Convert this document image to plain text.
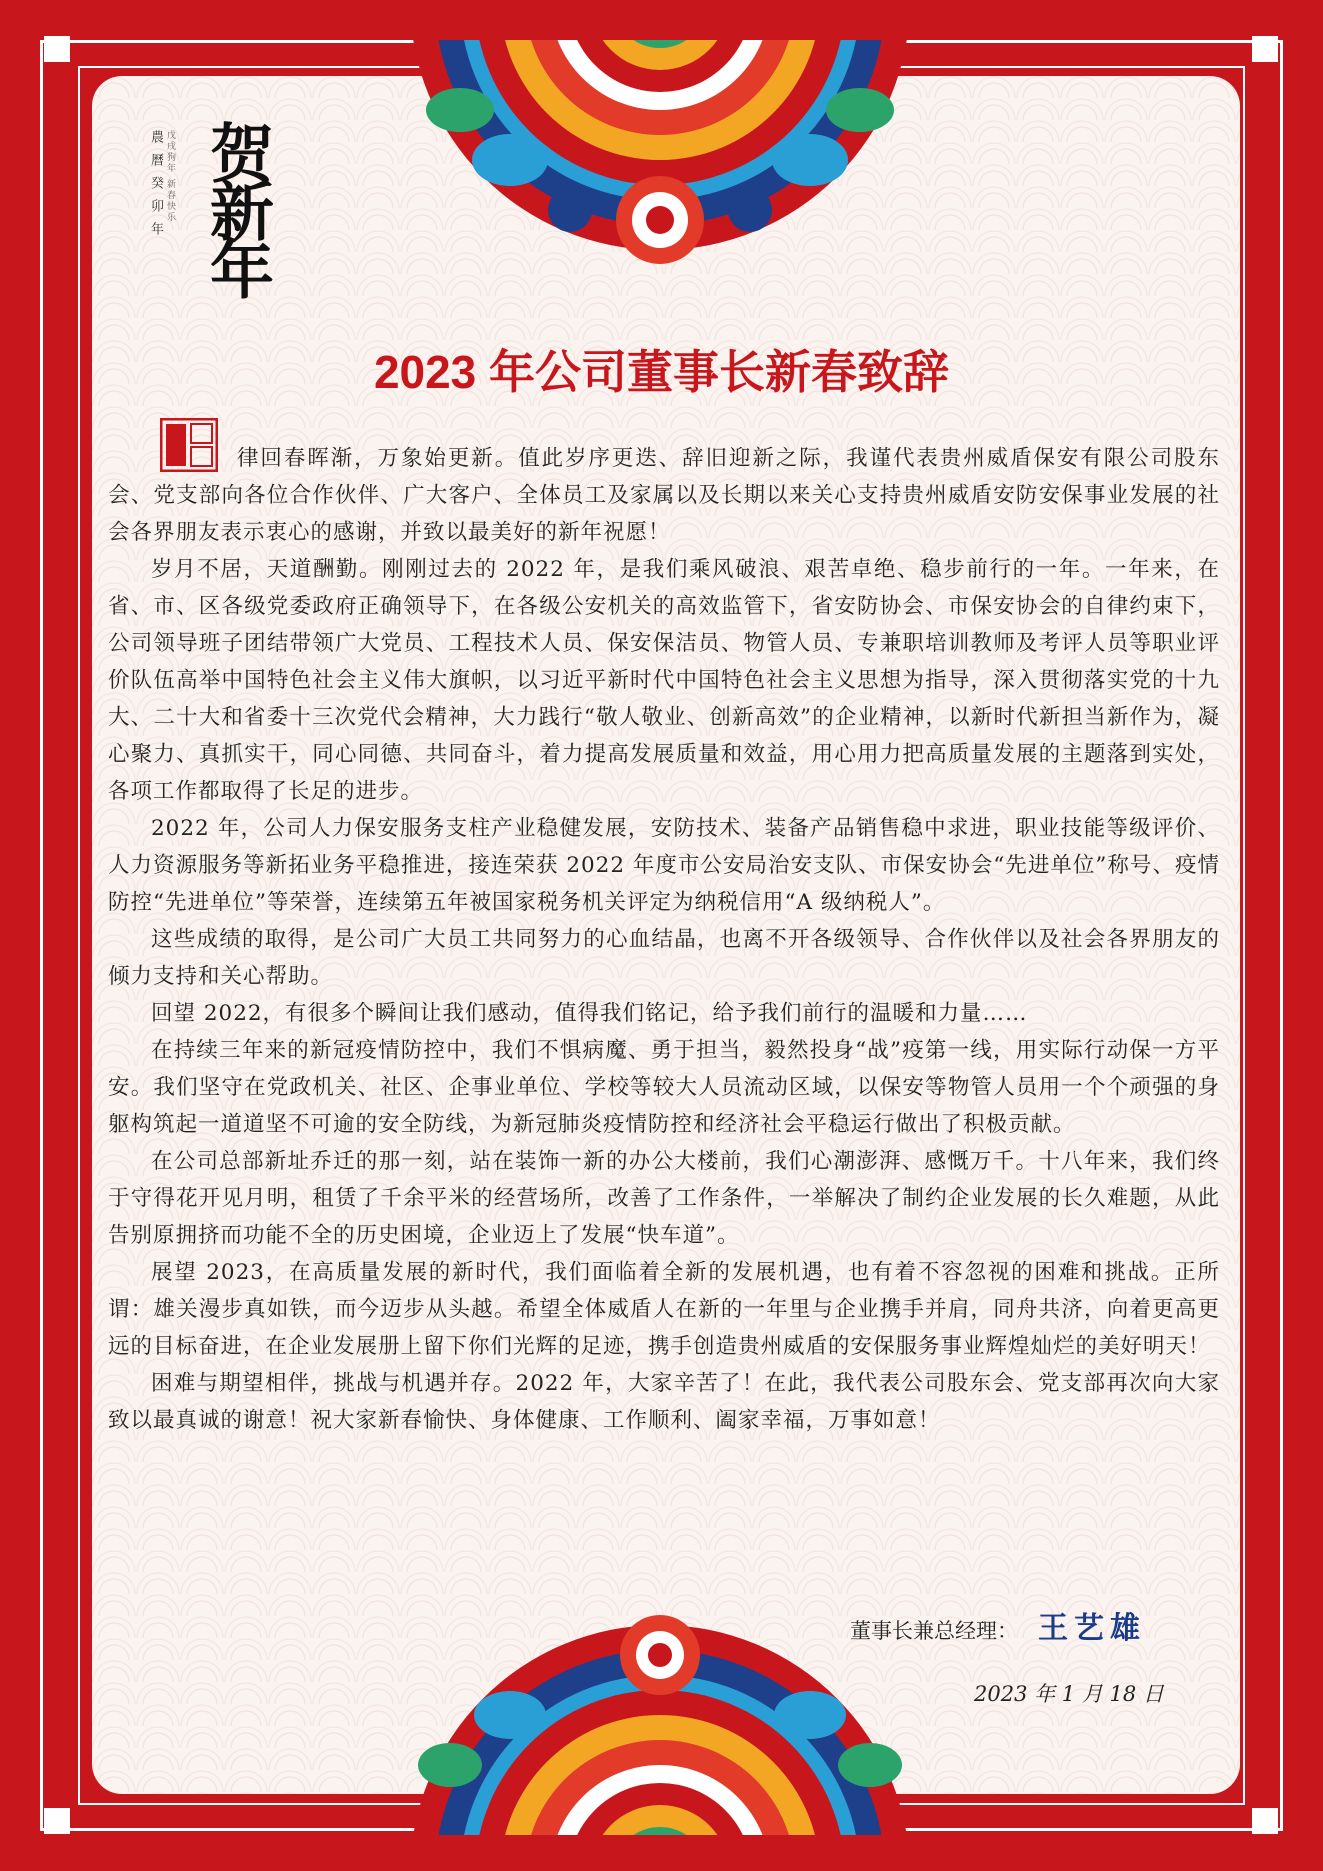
贺新年
農曆癸卯年 戊戌狗年 新春快乐
2023 年公司董事长新春致辞

律回春晖渐，万象始更新。值此岁序更迭、辞旧迎新之际，我谨代表贵州威盾保安有限公司股东会、党支部向各位合作伙伴、广大客户、全体员工及家属以及长期以来关心支持贵州威盾安防安保事业发展的社会各界朋友表示衷心的感谢，并致以最美好的新年祝愿！

岁月不居，天道酬勤。刚刚过去的 2022 年，是我们乘风破浪、艰苦卓绝、稳步前行的一年。一年来，在省、市、区各级党委政府正确领导下，在各级公安机关的高效监管下，省安防协会、市保安协会的自律约束下，公司领导班子团结带领广大党员、工程技术人员、保安保洁员、物管人员、专兼职培训教师及考评人员等职业评价队伍高举中国特色社会主义伟大旗帜，以习近平新时代中国特色社会主义思想为指导，深入贯彻落实党的十九大、二十大和省委十三次党代会精神，大力践行“敬人敬业、创新高效”的企业精神，以新时代新担当新作为，凝心聚力、真抓实干，同心同德、共同奋斗，着力提高发展质量和效益，用心用力把高质量发展的主题落到实处，各项工作都取得了长足的进步。

2022 年，公司人力保安服务支柱产业稳健发展，安防技术、装备产品销售稳中求进，职业技能等级评价、人力资源服务等新拓业务平稳推进，接连荣获 2022 年度市公安局治安支队、市保安协会“先进单位”称号、疫情防控“先进单位”等荣誉，连续第五年被国家税务机关评定为纳税信用“A 级纳税人”。

这些成绩的取得，是公司广大员工共同努力的心血结晶，也离不开各级领导、合作伙伴以及社会各界朋友的倾力支持和关心帮助。

回望 2022，有很多个瞬间让我们感动，值得我们铭记，给予我们前行的温暖和力量……

在持续三年来的新冠疫情防控中，我们不惧病魔、勇于担当，毅然投身“战”疫第一线，用实际行动保一方平安。我们坚守在党政机关、社区、企事业单位、学校等较大人员流动区域，以保安等物管人员用一个个顽强的身躯构筑起一道道坚不可逾的安全防线，为新冠肺炎疫情防控和经济社会平稳运行做出了积极贡献。

在公司总部新址乔迁的那一刻，站在装饰一新的办公大楼前，我们心潮澎湃、感慨万千。十八年来，我们终于守得花开见月明，租赁了千余平米的经营场所，改善了工作条件，一举解决了制约企业发展的长久难题，从此告别原拥挤而功能不全的历史困境，企业迈上了发展“快车道”。

展望 2023，在高质量发展的新时代，我们面临着全新的发展机遇，也有着不容忽视的困难和挑战。正所谓：雄关漫步真如铁，而今迈步从头越。希望全体威盾人在新的一年里与企业携手并肩，同舟共济，向着更高更远的目标奋进，在企业发展册上留下你们光辉的足迹，携手创造贵州威盾的安保服务事业辉煌灿烂的美好明天！

困难与期望相伴，挑战与机遇并存。2022 年，大家辛苦了！在此，我代表公司股东会、党支部再次向大家致以最真诚的谢意！祝大家新春愉快、身体健康、工作顺利、阖家幸福，万事如意！

董事长兼总经理： 王艺雄
2023 年 1 月 18 日
